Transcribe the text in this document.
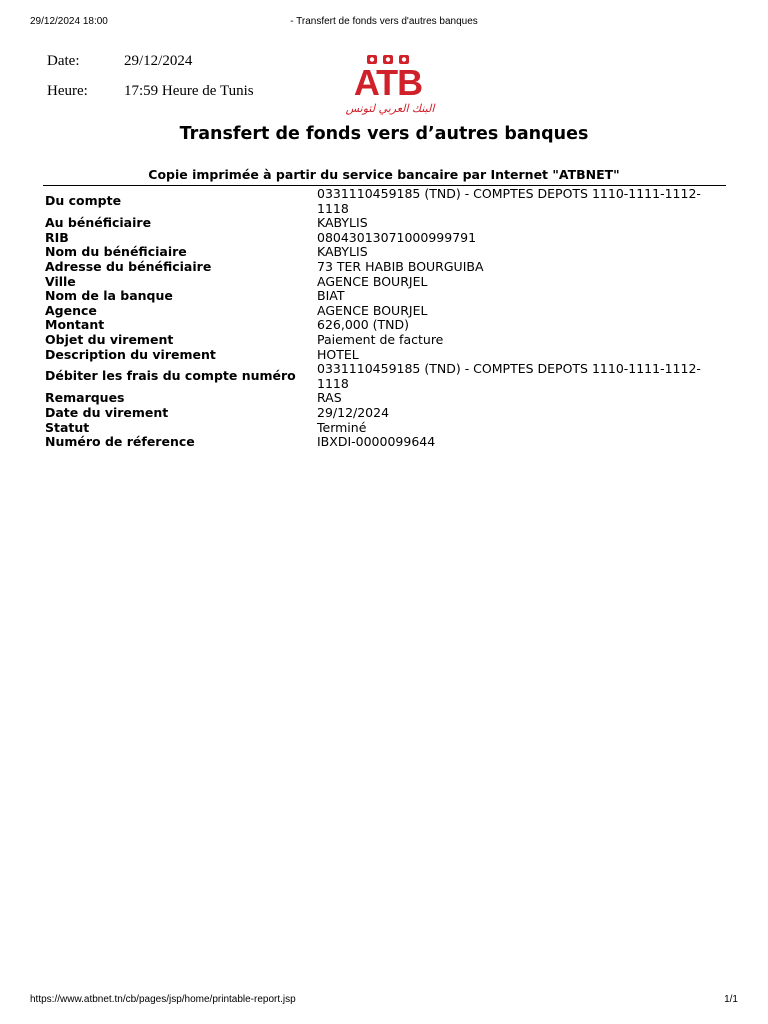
29/12/2024 18:00	- Transfert de fonds vers d'autres banques
Date:	29/12/2024
Heure: 17:59 Heure de Tunis	ATB
البنك العربي لتونس
Transfert de fonds vers d’autres banques
Copie imprimée à partir du service bancaire par Internet "ATBNET"
Du compte	0331110459185 (TND) - COMPTES DEPOTS 1110-1111-1112-1118
Au bénéficiaire	KABYLIS
RIB	08043013071000999791
Nom du bénéficiaire	KABYLIS
Adresse du bénéficiaire	73 TER HABIB BOURGUIBA
Ville	AGENCE BOURJEL
Nom de la banque	BIAT
Agence	AGENCE BOURJEL
Montant	626,000 (TND)
Objet du virement	Paiement de facture
Description du virement	HOTEL
Débiter les frais du compte numéro	0331110459185 (TND) - COMPTES DEPOTS 1110-1111-1112-1118
Remarques	RAS
Date du virement	29/12/2024
Statut	Terminé
Numéro de réference	IBXDI-0000099644
https://www.atbnet.tn/cb/pages/jsp/home/printable-report.jsp	1/1
